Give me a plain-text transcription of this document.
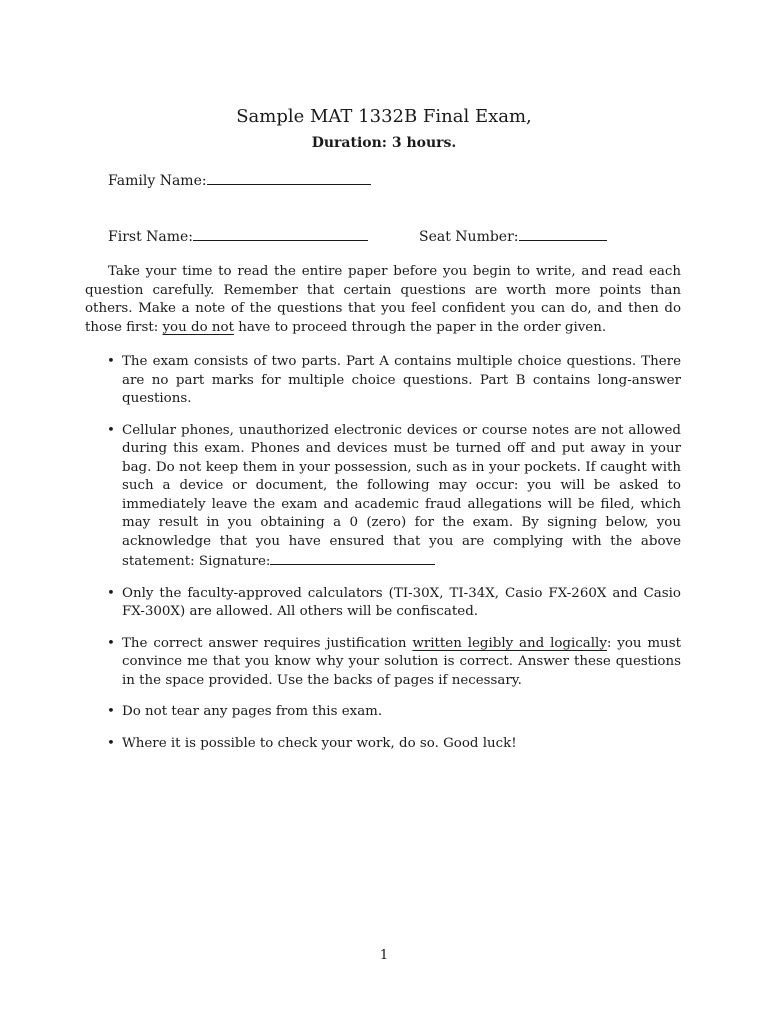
Sample MAT 1332B Final Exam,
Duration: 3 hours.
Family Name:
First Name:	Seat Number:

Take your time to read the entire paper before you begin to write, and read each question carefully. Remember that certain questions are worth more points than others. Make a note of the questions that you feel confident you can do, and then do those first: you do not have to proceed through the paper in the order given.

• The exam consists of two parts. Part A contains multiple choice questions. There are no part marks for multiple choice questions. Part B contains long-answer questions.
• Cellular phones, unauthorized electronic devices or course notes are not allowed during this exam. Phones and devices must be turned off and put away in your bag. Do not keep them in your possession, such as in your pockets. If caught with such a device or document, the following may occur: you will be asked to immediately leave the exam and academic fraud allegations will be filed, which may result in you obtaining a 0 (zero) for the exam. By signing below, you acknowledge that you have ensured that you are complying with the above statement: Signature:
• Only the faculty-approved calculators (TI-30X, TI-34X, Casio FX-260X and Casio FX-300X) are allowed. All others will be confiscated.
• The correct answer requires justification written legibly and logically: you must convince me that you know why your solution is correct. Answer these questions in the space provided. Use the backs of pages if necessary.
• Do not tear any pages from this exam.
• Where it is possible to check your work, do so. Good luck!
1
